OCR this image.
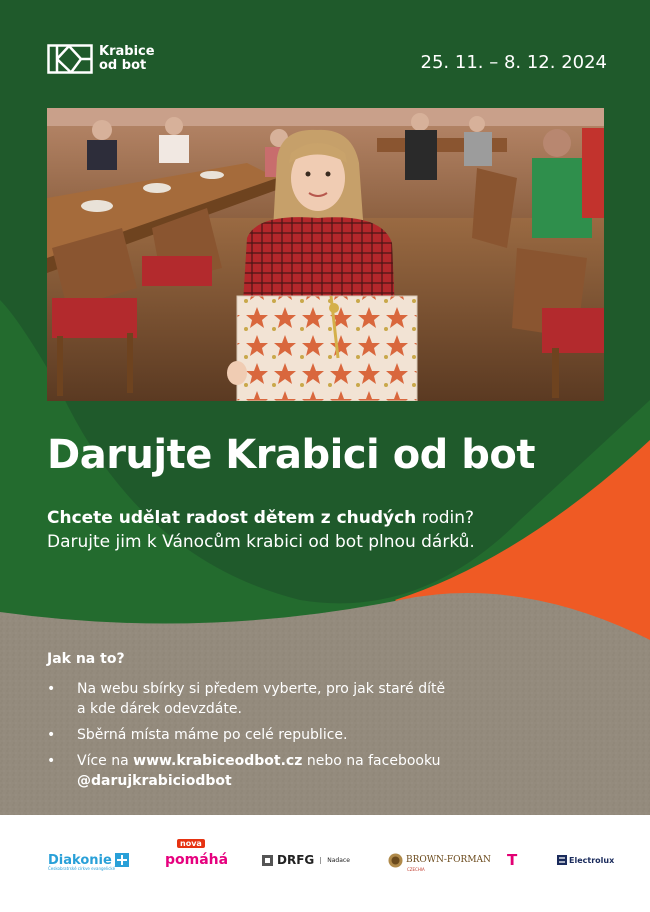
Krabice
od bot	25. 11. – 8. 12. 2024
Darujte Krabici od bot
Chcete udělat radost dětem z chudých rodin? Darujte jim k Vánocům krabici od bot plnou dárků.
Jak na to?
• Na webu sbírky si předem vyberte, pro jak staré dítě a kde dárek odevzdáte.
• Sběrná místa máme po celé republice.
• Více na www.krabiceodbot.cz nebo na facebooku @darujkrabiciodbot
Diakonie
Českobratrské církve evangelické
nova
pomáhá	DRFG	Nadace	BROWN-FORMAN
CZECHIA
T	Electrolux
